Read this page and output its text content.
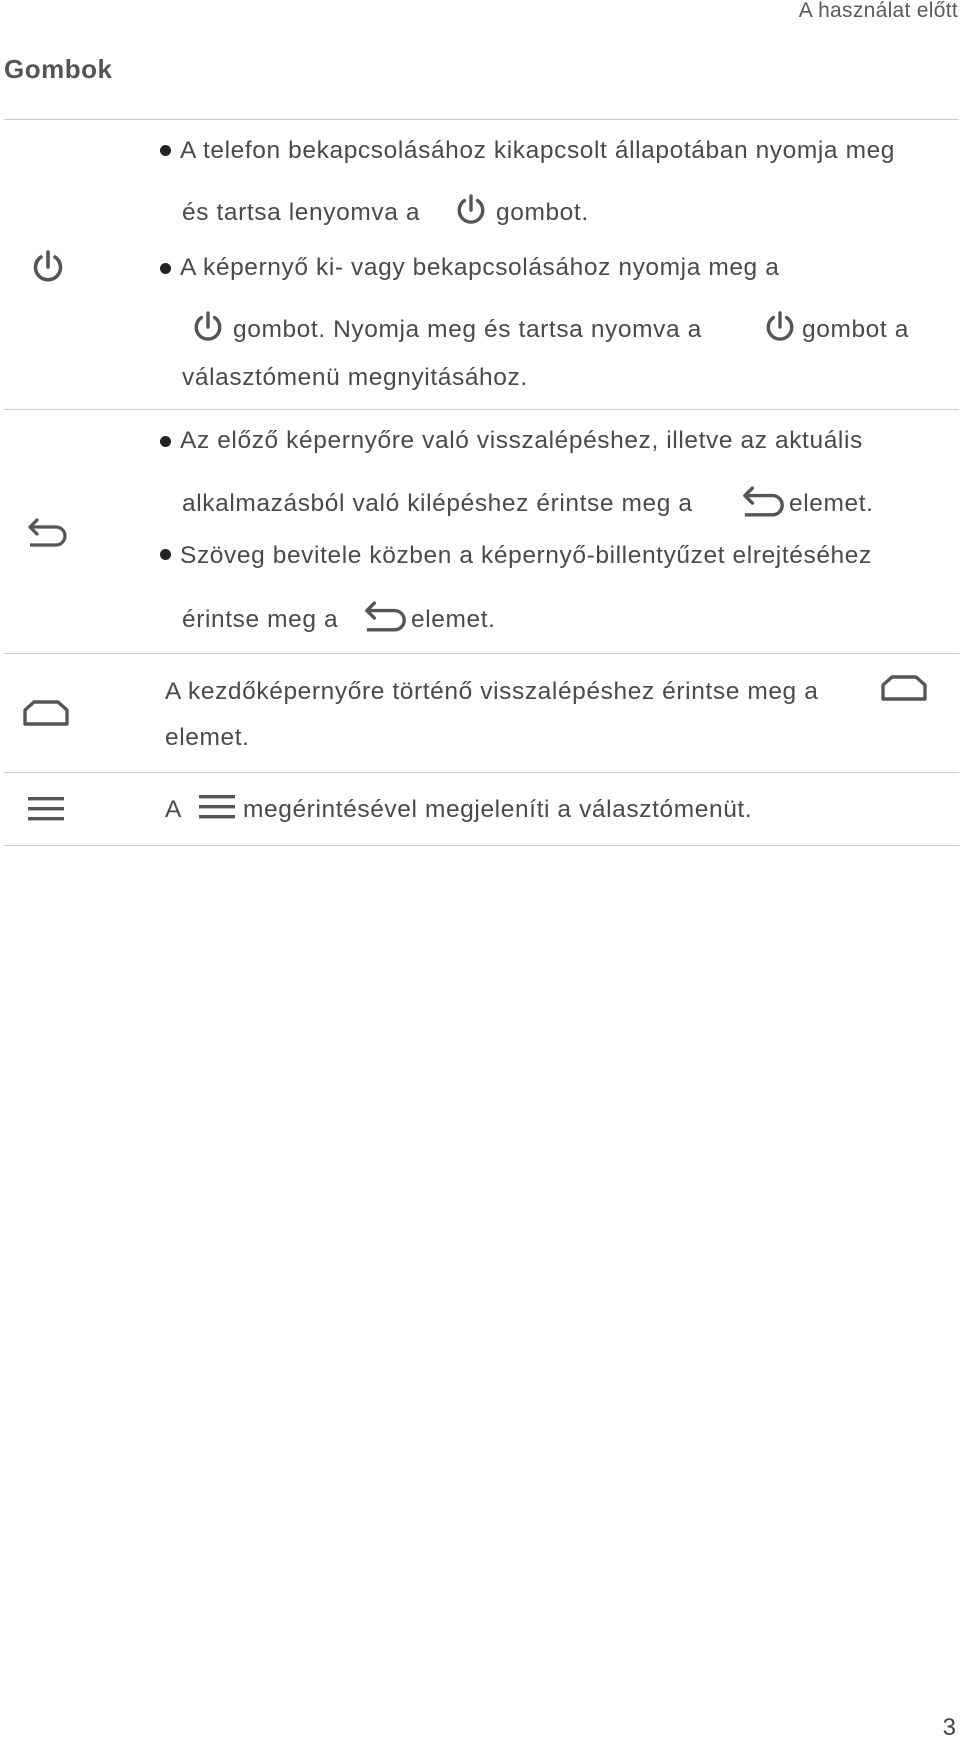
A használat előtt
Gombok
A telefon bekapcsolásához kikapcsolt állapotában nyomja meg
és tartsa lenyomva a	gombot.
A képernyő ki- vagy bekapcsolásához nyomja meg a
gombot. Nyomja meg és tartsa nyomva a	gombot a
választómenü megnyitásához.
Az előző képernyőre való visszalépéshez, illetve az aktuális
alkalmazásból való kilépéshez érintse meg a	elemet.
Szöveg bevitele közben a képernyő-billentyűzet elrejtéséhez
érintse meg a	elemet.
A kezdőképernyőre történő visszalépéshez érintse meg a
elemet.
A megérintésével megjeleníti a választómenüt.
3
